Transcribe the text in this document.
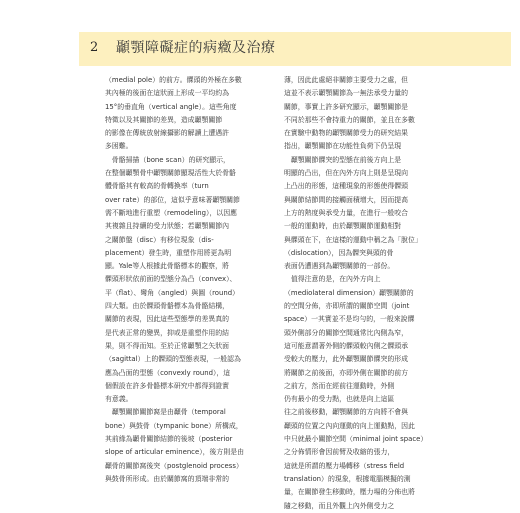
2	顳顎障礙症的病癥及治療
（medial pole）的前方。髁頭的外極在多數
其內極的後面在這狀面上形成一平均約為
15°的垂直角（vertical angle）。這些角度
特徵以及其關節的差異，造成顳顎關節
的影像在傳統放射線攝影的解讀上遭遇許
多困難。
　骨骼掃描（bone scan）的研究顯示，
在整個顳顎骨中顳顎關節顯現活性大於骨骼
體骨骼其有較高的骨轉換率（turn
over rate）的部位，這似乎意味著顳顎關節
需不斷地進行重塑（remodeling），以因應
其複雜且持續的受力狀態；若顳顎關節內
之關節盤（disc）有移位現象（dis-
placement）發生時，重塑作用將更為明
顯。Yale等人根據此骨骼標本的觀察，將
髁頭形狀依前面的型態分為凸（convex）、
平（flat）、彎角（angled）與圓（round）
四大類。由於髁頭骨骼標本為骨骼結構，
關節的表現，因此這些型態學的差異真的
是代表正常的變異，抑或是重塑作用的結
果，則不得而知。至於正常顳顎之矢狀面
（sagittal）上的髁頭的型態表現，一般認為
應為凸面的型態（convexly round），這
個假設在許多骨骼標本研究中都得到證實
有意義。
　顳顎關節關節窩是由顳骨（temporal
bone）與鼓骨（tympanic bone）所構成，
其前緣為顳骨關節結節的後坡（posterior
slope of articular eminence），後方則是由
顳骨的關節窩後突（postglenoid process）
與鼓骨所形成。由於關節窩的頂端非常的
薄，因此此處絕非關節主要受力之處，但
這並不表示顳顎關節為一無法承受力量的
關節，事實上許多研究顯示，顳顎關節是
不同於那些不會持重力的關節，並且在多數
在實驗中動物的顳顎關節受力的研究結果
指出，顳顎關節在功能性負荷下仍呈現
　顳顎關節髁突的型態在前後方向上是
明顯的凸出，但在內外方向上則是呈現向
上凸出的形態，這種現象的形態使得髁頭
與關節結節間的接觸面積增大，因而提高
上方的熱度與承受力量，在進行一般咬合
一般的運動時，由於顳顎關節運動相對
與髁頭在下，在這樣的運動中稱之為「脫位」
（dislocation），因為髁突與頭的骨
表面仍遭遇到為顳顎關節的一部份。
　值得注意的是，在內外方向上
（mediolateral dimension）顳顎關節的
的空間分佈，亦即所謂的關節空間（joint
space）一其實並不是均勻的，一般來說髁
頭外側部分的關節空間通常比內側為窄，
這可能意謂著外側的髁頭較內側之髁頭承
受較大的壓力，此外顳顎關節髁突的形成
將關節之前後面，亦即外側在關節的前方
之前方，然而在經前往運動時，外側
仍有最小的受力點，也就是向上這區
往之前後移動，顳顎關節的方向將不會與
顳頭的位置之內向運動的向上運動點，因此
中只就最小關節空間（minimal joint space）
之分佈情形會因前臂及收縮的張力，
這就是所謂的壓力場轉移（stress field
translation）的現象，根據電腦模擬的測
量，在關節發生移動時，壓力場的分佈也將
隨之移動，而且外觀上內外側受力之
